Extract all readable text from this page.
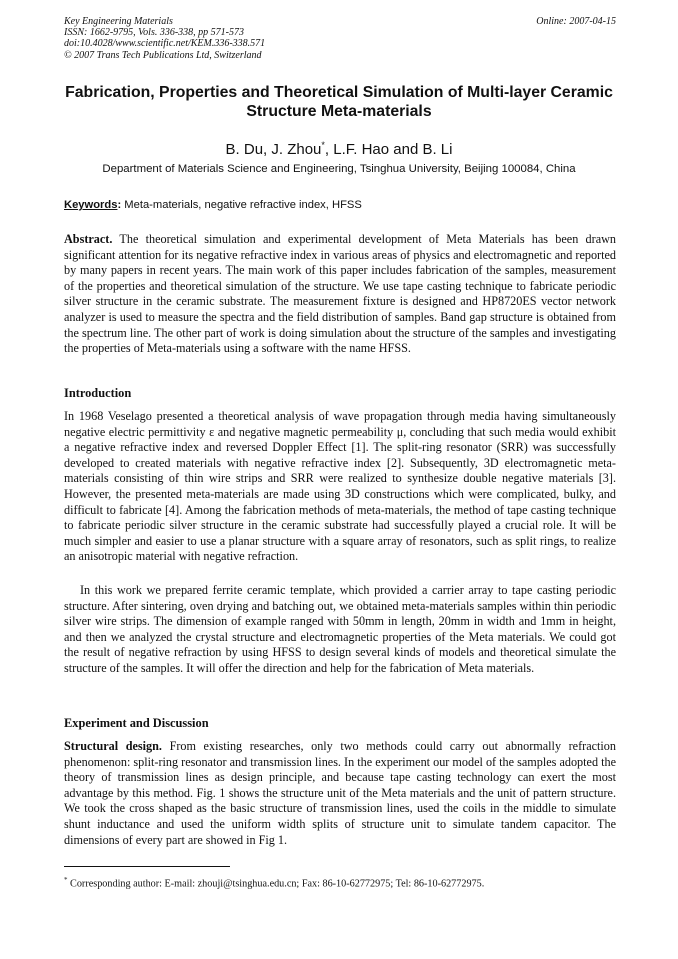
Key Engineering Materials
ISSN: 1662-9795, Vols. 336-338, pp 571-573
doi:10.4028/www.scientific.net/KEM.336-338.571
© 2007 Trans Tech Publications Ltd, Switzerland
Online: 2007-04-15
Fabrication, Properties and Theoretical Simulation of Multi-layer Ceramic Structure Meta-materials
B. Du, J. Zhou*, L.F. Hao and B. Li
Department of Materials Science and Engineering, Tsinghua University, Beijing 100084, China
Keywords: Meta-materials, negative refractive index, HFSS

Abstract. The theoretical simulation and experimental development of Meta Materials has been drawn significant attention for its negative refractive index in various areas of physics and electromagnetic and reported by many papers in recent years. The main work of this paper includes fabrication of the samples, measurement of the properties and theoretical simulation of the structure. We use tape casting technique to fabricate periodic silver structure in the ceramic substrate. The measurement fixture is designed and HP8720ES vector network analyzer is used to measure the spectra and the field distribution of samples. Band gap structure is obtained from the spectrum line. The other part of work is doing simulation about the structure of the samples and investigating the properties of Meta-materials using a software with the name HFSS.

Introduction

In 1968 Veselago presented a theoretical analysis of wave propagation through media having simultaneously negative electric permittivity ε and negative magnetic permeability μ, concluding that such media would exhibit a negative refractive index and reversed Doppler Effect [1]. The split-ring resonator (SRR) was successfully developed to created materials with negative refractive index [2]. Subsequently, 3D electromagnetic meta-materials consisting of thin wire strips and SRR were realized to synthesize double negative materials [3]. However, the presented meta-materials are made using 3D constructions which were complicated, bulky, and difficult to fabricate [4]. Among the fabrication methods of meta-materials, the method of tape casting technique to fabricate periodic silver structure in the ceramic substrate had successfully played a crucial role. It will be much simpler and easier to use a planar structure with a square array of resonators, such as split rings, to realize an anisotropic material with negative refraction.

In this work we prepared ferrite ceramic template, which provided a carrier array to tape casting periodic structure. After sintering, oven drying and batching out, we obtained meta-materials samples within thin periodic silver wire strips. The dimension of example ranged with 50mm in length, 20mm in width and 1mm in height, and then we analyzed the crystal structure and electromagnetic properties of the Meta materials. We could got the result of negative refraction by using HFSS to design several kinds of models and theoretical simulate the structure of the samples. It will offer the direction and help for the fabrication of Meta materials.

Experiment and Discussion

Structural design. From existing researches, only two methods could carry out abnormally refraction phenomenon: split-ring resonator and transmission lines. In the experiment our model of the samples adopted the theory of transmission lines as design principle, and because tape casting technology can exert the most advantage by this method. Fig. 1 shows the structure unit of the Meta materials and the unit of pattern structure. We took the cross shaped as the basic structure of transmission lines, used the coils in the middle to simulate shunt inductance and used the uniform width splits of structure unit to simulate tandem capacitor. The dimensions of every part are showed in Fig 1.

* Corresponding author: E-mail: zhouji@tsinghua.edu.cn; Fax: 86-10-62772975; Tel: 86-10-62772975.
